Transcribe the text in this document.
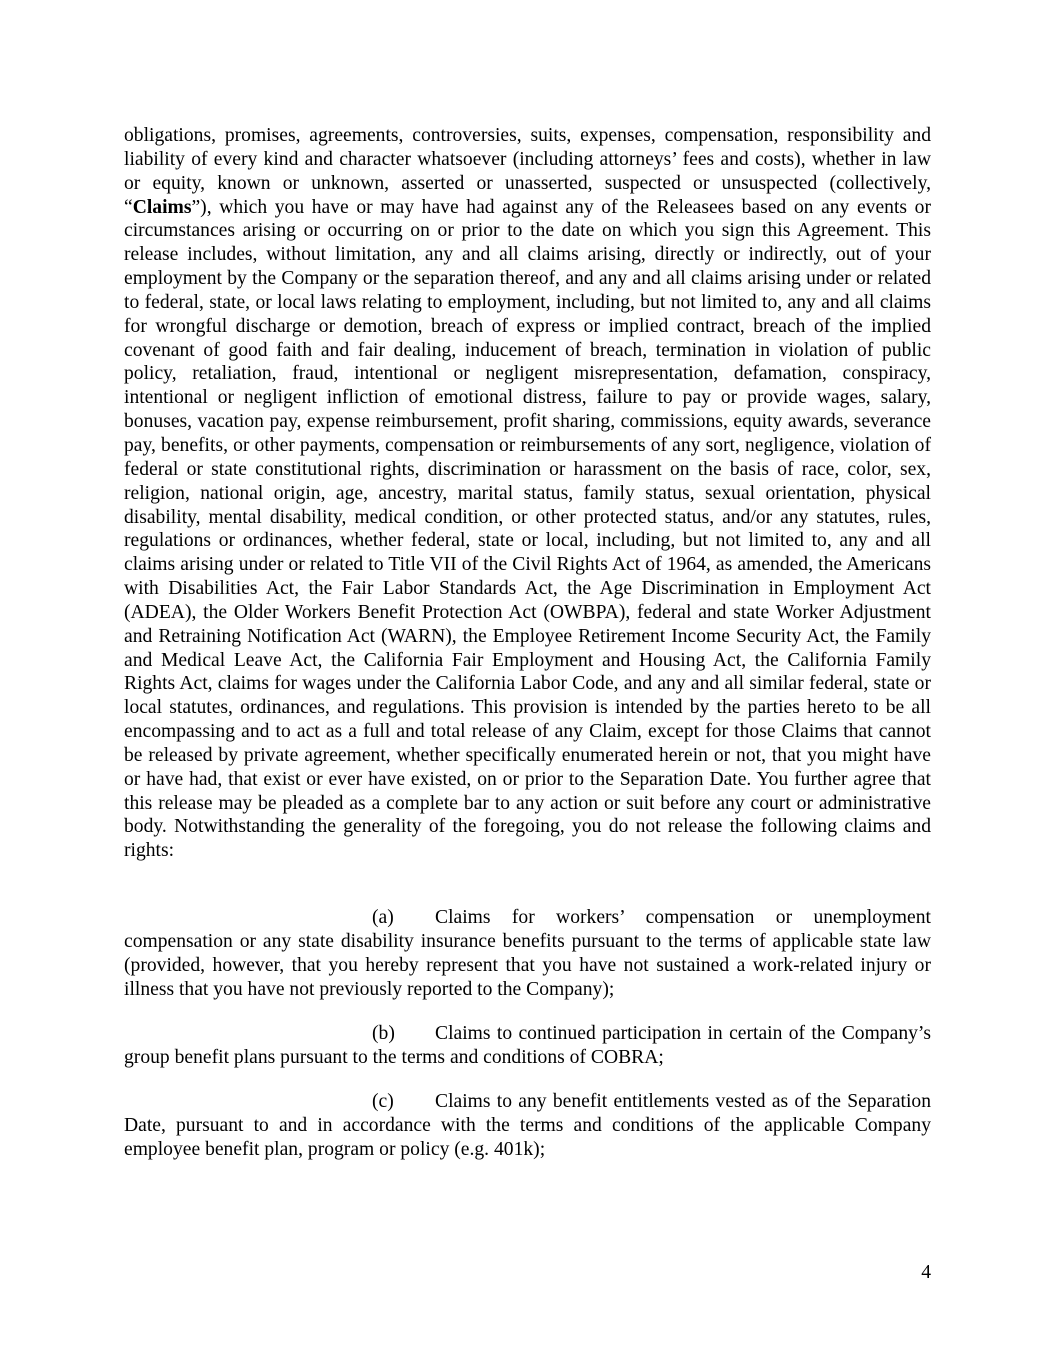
obligations, promises, agreements, controversies, suits, expenses, compensation, responsibility and liability of every kind and character whatsoever (including attorneys’ fees and costs), whether in law or equity, known or unknown, asserted or unasserted, suspected or unsuspected (collectively, “Claims”), which you have or may have had against any of the Releasees based on any events or circumstances arising or occurring on or prior to the date on which you sign this Agreement. This release includes, without limitation, any and all claims arising, directly or indirectly, out of your employment by the Company or the separation thereof, and any and all claims arising under or related to federal, state, or local laws relating to employment, including, but not limited to, any and all claims for wrongful discharge or demotion, breach of express or implied contract, breach of the implied covenant of good faith and fair dealing, inducement of breach, termination in violation of public policy, retaliation, fraud, intentional or negligent misrepresentation, defamation, conspiracy, intentional or negligent infliction of emotional distress, failure to pay or provide wages, salary, bonuses, vacation pay, expense reimbursement, profit sharing, commissions, equity awards, severance pay, benefits, or other payments, compensation or reimbursements of any sort, negligence, violation of federal or state constitutional rights, discrimination or harassment on the basis of race, color, sex, religion, national origin, age, ancestry, marital status, family status, sexual orientation, physical disability, mental disability, medical condition, or other protected status, and/or any statutes, rules, regulations or ordinances, whether federal, state or local, including, but not limited to, any and all claims arising under or related to Title VII of the Civil Rights Act of 1964, as amended, the Americans with Disabilities Act, the Fair Labor Standards Act, the Age Discrimination in Employment Act (ADEA), the Older Workers Benefit Protection Act (OWBPA), federal and state Worker Adjustment and Retraining Notification Act (WARN), the Employee Retirement Income Security Act, the Family and Medical Leave Act, the California Fair Employment and Housing Act, the California Family Rights Act, claims for wages under the California Labor Code, and any and all similar federal, state or local statutes, ordinances, and regulations. This provision is intended by the parties hereto to be all encompassing and to act as a full and total release of any Claim, except for those Claims that cannot be released by private agreement, whether specifically enumerated herein or not, that you might have or have had, that exist or ever have existed, on or prior to the Separation Date. You further agree that this release may be pleaded as a complete bar to any action or suit before any court or administrative body. Notwithstanding the generality of the foregoing, you do not release the following claims and rights:

(a) Claims for workers’ compensation or unemployment compensation or any state disability insurance benefits pursuant to the terms of applicable state law (provided, however, that you hereby represent that you have not sustained a work-related injury or illness that you have not previously reported to the Company);

(b) Claims to continued participation in certain of the Company’s group benefit plans pursuant to the terms and conditions of COBRA;

(c) Claims to any benefit entitlements vested as of the Separation Date, pursuant to and in accordance with the terms and conditions of the applicable Company employee benefit plan, program or policy (e.g. 401k);

4
